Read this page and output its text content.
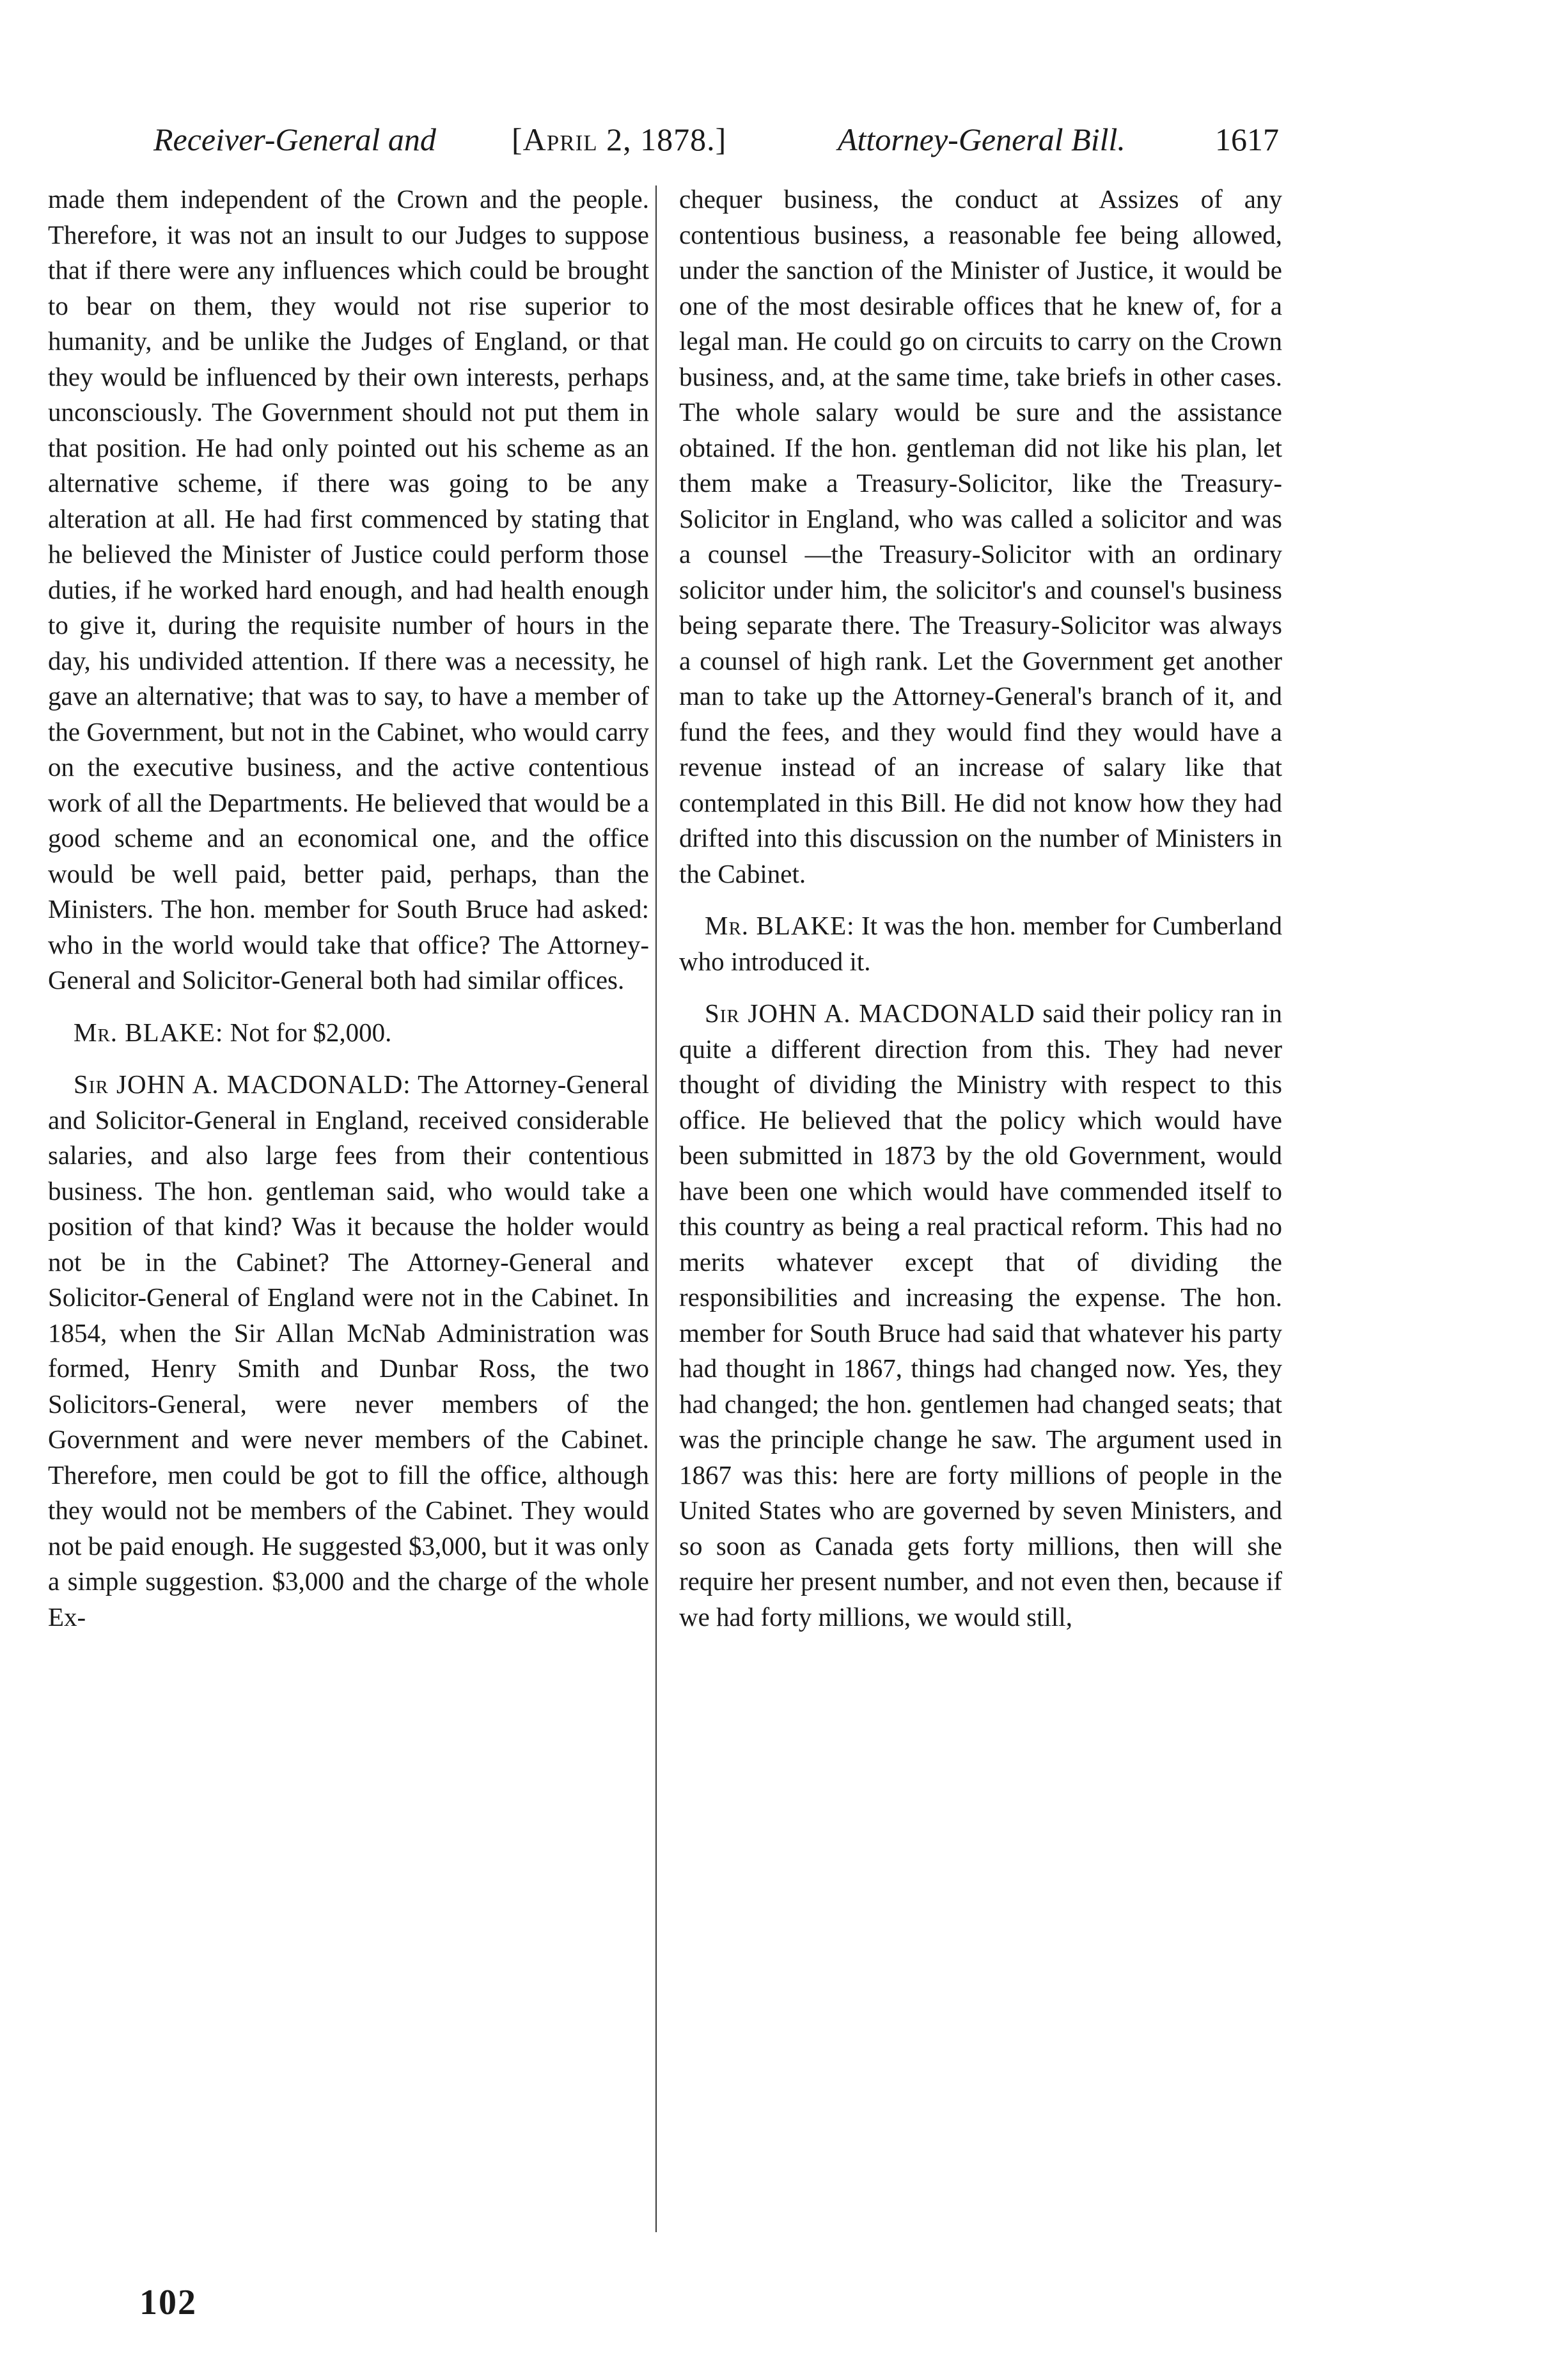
Receiver-General and [April 2, 1878.]	Attorney-General Bill.	1617

made them independent of the Crown and the people. Therefore, it was not an insult to our Judges to suppose that if there were any influences which could be brought to bear on them, they would not rise superior to humanity, and be unlike the Judges of England, or that they would be influenced by their own interests, perhaps unconsciously. The Government should not put them in that position. He had only pointed out his scheme as an alternative scheme, if there was going to be any alteration at all. He had first commenced by stating that he believed the Minister of Justice could perform those duties, if he worked hard enough, and had health enough to give it, during the requisite number of hours in the day, his undivided attention. If there was a necessity, he gave an alternative; that was to say, to have a member of the Government, but not in the Cabinet, who would carry on the executive business, and the active contentious work of all the Departments. He believed that would be a good scheme and an economical one, and the office would be well paid, better paid, perhaps, than the Ministers. The hon. member for South Bruce had asked: who in the world would take that office? The Attorney-General and Solicitor-General both had similar offices.

Mr. BLAKE: Not for $2,000.

Sir JOHN A. MACDONALD: The Attorney-General and Solicitor-General in England, received considerable salaries, and also large fees from their contentious business. The hon. gentleman said, who would take a position of that kind? Was it because the holder would not be in the Cabinet? The Attorney-General and Solicitor-General of England were not in the Cabinet. In 1854, when the Sir Allan McNab Administration was formed, Henry Smith and Dunbar Ross, the two Solicitors-General, were never members of the Government and were never members of the Cabinet. Therefore, men could be got to fill the office, although they would not be members of the Cabinet. They would not be paid enough. He suggested $3,000, but it was only a simple suggestion. $3,000 and the charge of the whole Ex-

chequer business, the conduct at Assizes of any contentious business, a reasonable fee being allowed, under the sanction of the Minister of Justice, it would be one of the most desirable offices that he knew of, for a legal man. He could go on circuits to carry on the Crown business, and, at the same time, take briefs in other cases. The whole salary would be sure and the assistance obtained. If the hon. gentleman did not like his plan, let them make a Treasury-Solicitor, like the Treasury-Solicitor in England, who was called a solicitor and was a counsel —the Treasury-Solicitor with an ordinary solicitor under him, the solicitor's and counsel's business being separate there. The Treasury-Solicitor was always a counsel of high rank. Let the Government get another man to take up the Attorney-General's branch of it, and fund the fees, and they would find they would have a revenue instead of an increase of salary like that contemplated in this Bill. He did not know how they had drifted into this discussion on the number of Ministers in the Cabinet.

Mr. BLAKE: It was the hon. member for Cumberland who introduced it.

Sir JOHN A. MACDONALD said their policy ran in quite a different direction from this. They had never thought of dividing the Ministry with respect to this office. He believed that the policy which would have been submitted in 1873 by the old Government, would have been one which would have commended itself to this country as being a real practical reform. This had no merits whatever except that of dividing the responsibilities and increasing the expense. The hon. member for South Bruce had said that whatever his party had thought in 1867, things had changed now. Yes, they had changed; the hon. gentlemen had changed seats; that was the principle change he saw. The argument used in 1867 was this: here are forty millions of people in the United States who are governed by seven Ministers, and so soon as Canada gets forty millions, then will she require her present number, and not even then, because if we had forty millions, we would still,

102
